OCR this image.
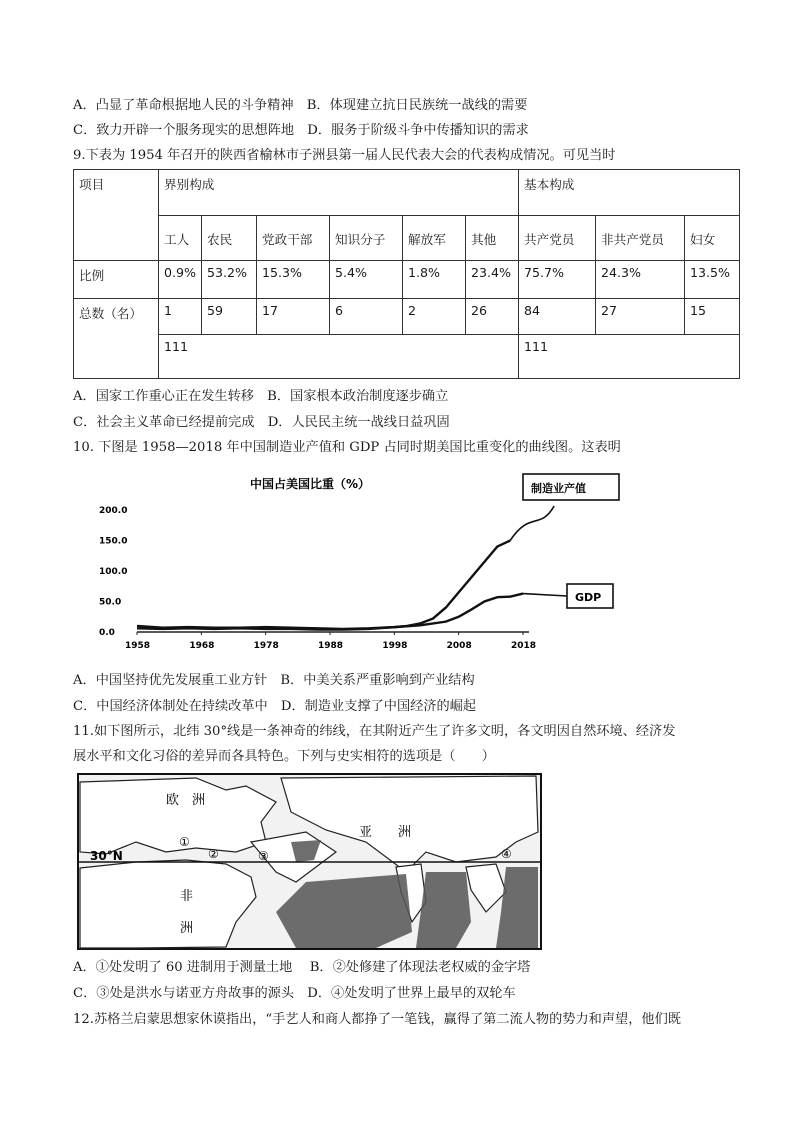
A．凸显了革命根据地人民的斗争精神　B．体现建立抗日民族统一战线的需要
C．致力开辟一个服务现实的思想阵地　D．服务于阶级斗争中传播知识的需求
9.下表为 1954 年召开的陕西省榆林市子洲县第一届人民代表大会的代表构成情况。可见当时
项目	界别构成						基本构成		
	工人	农民	党政干部	知识分子	解放军	其他	共产党员	非共产党员	妇女
比例	0.9%	53.2%	15.3%	5.4%	1.8%	23.4%	75.7%	24.3%	13.5%
总数（名）	1	59	17	6	2	26	84	27	15
	111						111		
A．国家工作重心正在发生转移　B．国家根本政治制度逐步确立
C．社会主义革命已经提前完成　D．人民民主统一战线日益巩固
10. 下图是 1958—2018 年中国制造业产值和 GDP 占同时期美国比重变化的曲线图。这表明
中国占美国比重（%）
1958	1968	1978	1988	1998	2008	2018
0.0
50.0
100.0
150.0
200.0
制造业产值
GDP
A．中国坚持优先发展重工业方针　B．中美关系严重影响到产业结构
C．中国经济体制处在持续改革中　D．制造业支撑了中国经济的崛起
11.如下图所示，北纬 30°线是一条神奇的纬线，在其附近产生了许多文明，各文明因自然环境、经济发
展水平和文化习俗的差异而各具特色。下列与史实相符的选项是（　　）
30°N
欧　洲
亚　　洲
非
洲
①
②	③	④
A．①处发明了 60 进制用于测量土地　 B．②处修建了体现法老权威的金字塔
C．③处是洪水与诺亚方舟故事的源头　D．④处发明了世界上最早的双轮车
12.苏格兰启蒙思想家休谟指出，“手艺人和商人都挣了一笔钱，赢得了第二流人物的势力和声望，他们既
